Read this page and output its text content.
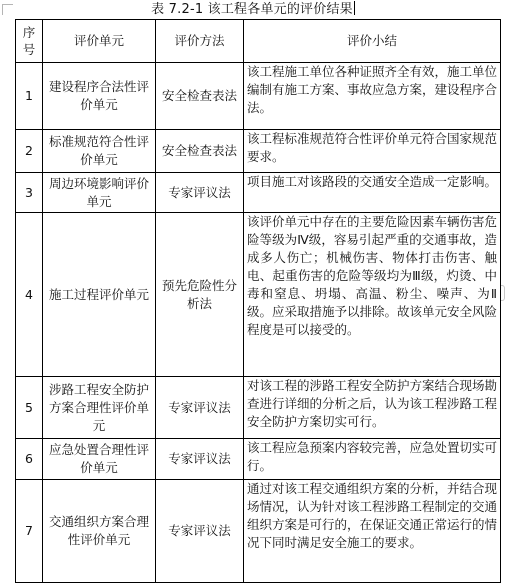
表 7.2-1 该工程各单元的评价结果
序号	评价单元	评价方法	评价小结
1	建设程序合法性评价单元	安全检查表法	该工程施工单位各种证照齐全有效，施工单位编制有施工方案、事故应急方案，建设程序合法。
2	标准规范符合性评价单元	安全检查表法	该工程标准规范符合性评价单元符合国家规范要求。
3	周边环境影响评价单元	专家评议法	项目施工对该路段的交通安全造成一定影响。
4	施工过程评价单元	预先危险性分析法	该评价单元中存在的主要危险因素车辆伤害危险等级为Ⅳ级，容易引起严重的交通事故，造成多人伤亡；机械伤害、物体打击伤害、触电、起重伤害的危险等级均为Ⅲ级，灼烫、中毒和窒息、坍塌、高温、粉尘、噪声、为Ⅱ级。应采取措施予以排除。故该单元安全风险程度是可以接受的。
5	涉路工程安全防护方案合理性评价单元	专家评议法	对该工程的涉路工程安全防护方案结合现场勘查进行详细的分析之后，认为该工程涉路工程安全防护方案切实可行。
6	应急处置合理性评价单元	专家评议法	该工程应急预案内容较完善，应急处置切实可行。
7	交通组织方案合理性评价单元	专家评议法	通过对该工程交通组织方案的分析，并结合现场情况，认为针对该工程涉路工程制定的交通组织方案是可行的，在保证交通正常运行的情况下同时满足安全施工的要求。
